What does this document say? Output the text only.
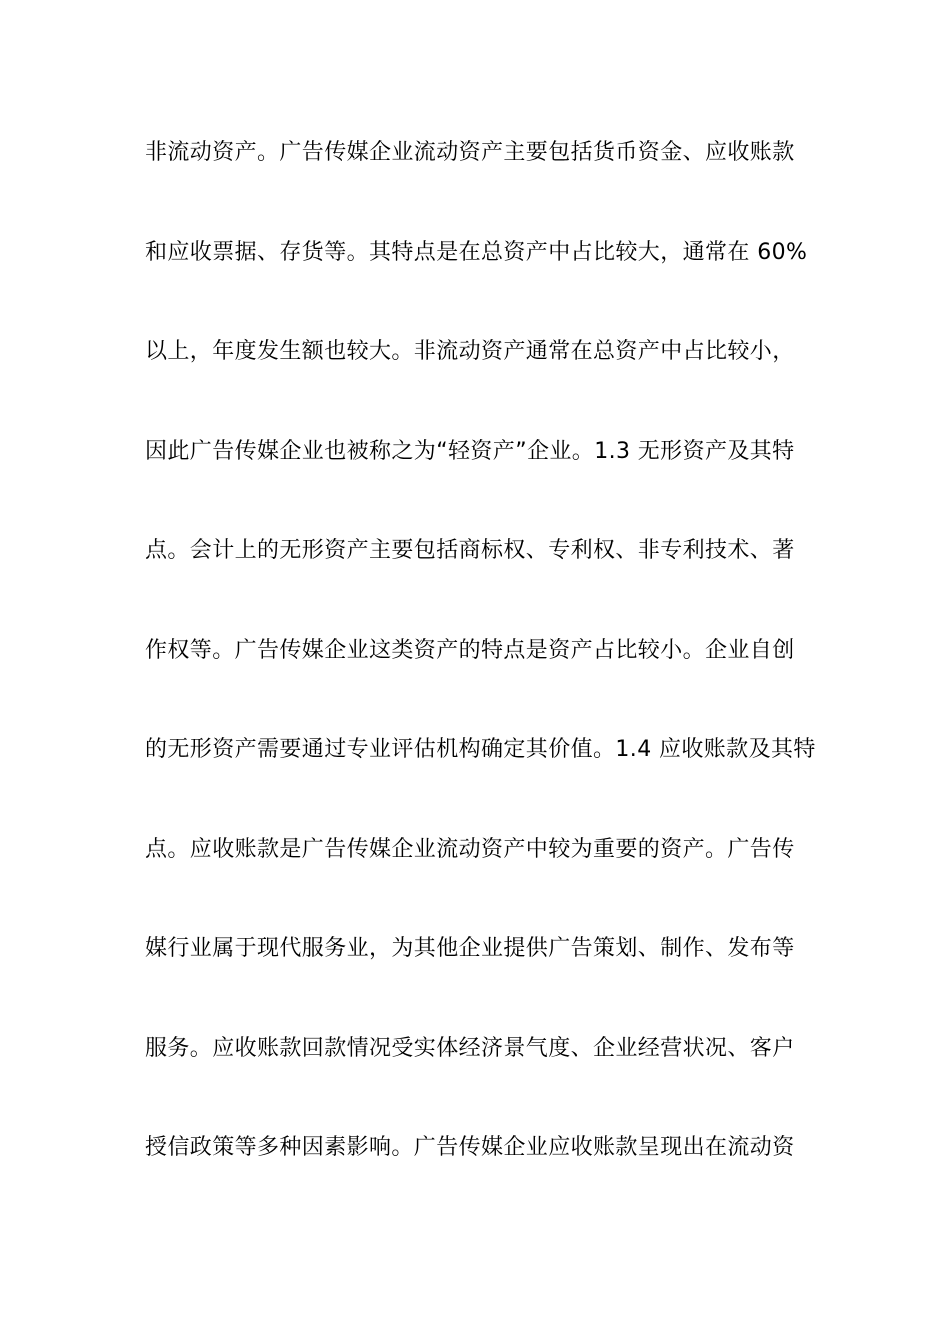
非流动资产。广告传媒企业流动资产主要包括货币资金、应收账款
和应收票据、存货等。其特点是在总资产中占比较大，通常在 60%
以上，年度发生额也较大。非流动资产通常在总资产中占比较小，
因此广告传媒企业也被称之为“轻资产”企业。1.3 无形资产及其特
点。会计上的无形资产主要包括商标权、专利权、非专利技术、著
作权等。广告传媒企业这类资产的特点是资产占比较小。企业自创
的无形资产需要通过专业评估机构确定其价值。1.4 应收账款及其特
点。应收账款是广告传媒企业流动资产中较为重要的资产。广告传
媒行业属于现代服务业，为其他企业提供广告策划、制作、发布等
服务。应收账款回款情况受实体经济景气度、企业经营状况、客户
授信政策等多种因素影响。广告传媒企业应收账款呈现出在流动资
